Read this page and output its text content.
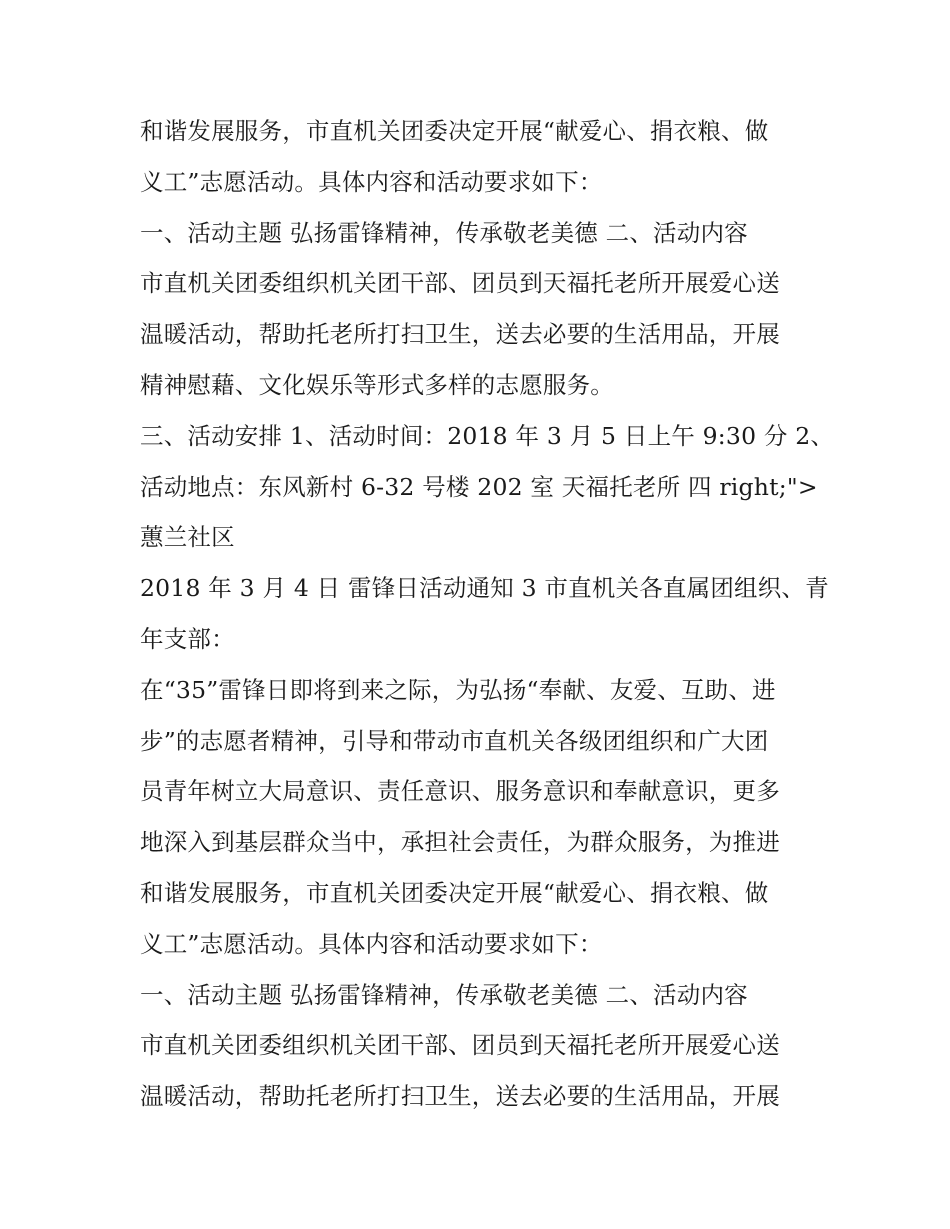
和谐发展服务，市直机关团委决定开展“献爱心、捐衣粮、做
义工”志愿活动。具体内容和活动要求如下：
一、活动主题 弘扬雷锋精神，传承敬老美德 二、活动内容
市直机关团委组织机关团干部、团员到天福托老所开展爱心送
温暖活动，帮助托老所打扫卫生，送去必要的生活用品，开展
精神慰藉、文化娱乐等形式多样的志愿服务。
三、活动安排 1、活动时间：2018 年 3 月 5 日上午 9:30 分 2、
活动地点：东风新村 6-32 号楼 202 室 天福托老所 四 right;">
蕙兰社区
2018 年 3 月 4 日 雷锋日活动通知 3 市直机关各直属团组织、青
年支部：
在“35”雷锋日即将到来之际，为弘扬“奉献、友爱、互助、进
步”的志愿者精神，引导和带动市直机关各级团组织和广大团
员青年树立大局意识、责任意识、服务意识和奉献意识，更多
地深入到基层群众当中，承担社会责任，为群众服务，为推进
和谐发展服务，市直机关团委决定开展“献爱心、捐衣粮、做
义工”志愿活动。具体内容和活动要求如下：
一、活动主题 弘扬雷锋精神，传承敬老美德 二、活动内容
市直机关团委组织机关团干部、团员到天福托老所开展爱心送
温暖活动，帮助托老所打扫卫生，送去必要的生活用品，开展
